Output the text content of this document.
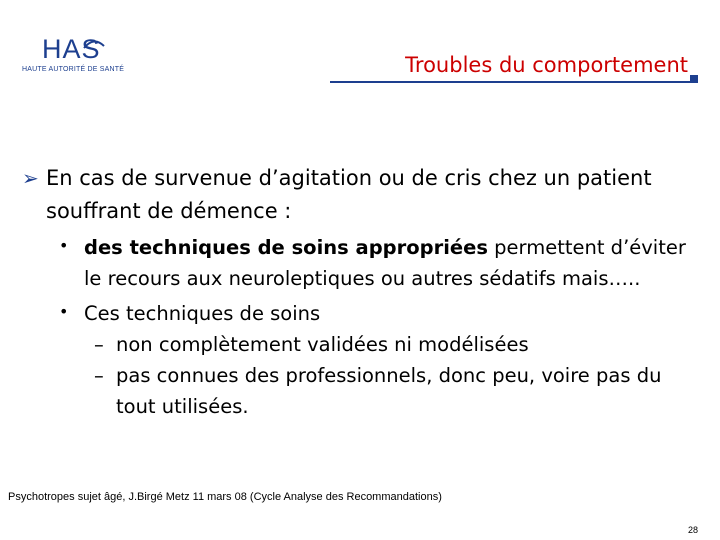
HAS
HAUTE AUTORITÉ DE SANTÉ	Troubles du comportement
➢ En cas de survenue d’agitation ou de cris chez un patient souffrant de démence :
• des techniques de soins appropriées permettent d’éviter le recours aux neuroleptiques ou autres sédatifs mais…..
• Ces techniques de soins
– non complètement validées ni modélisées
– pas connues des professionnels, donc peu, voire pas du tout utilisées.
Psychotropes sujet âgé, J.Birgé Metz 11 mars 08 (Cycle Analyse des Recommandations)
28
